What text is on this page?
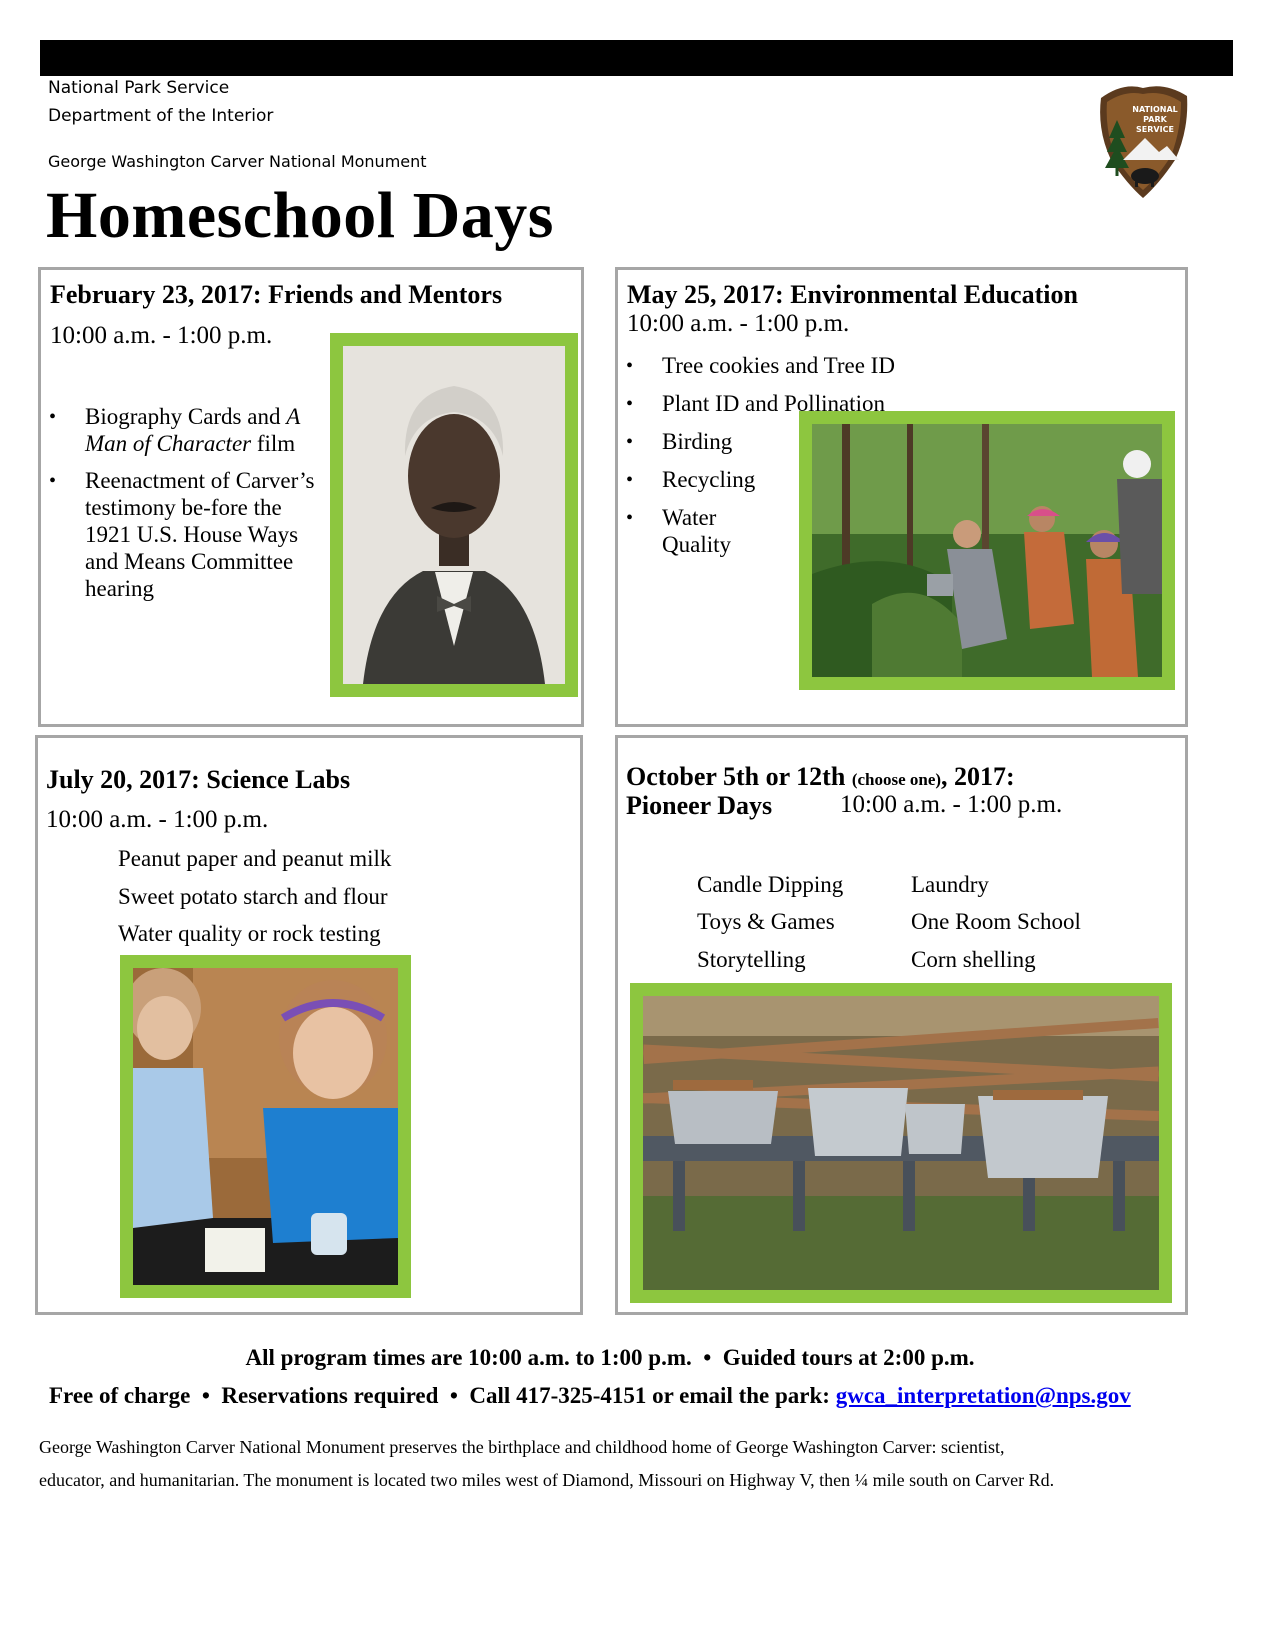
National Park Service
Department of the Interior
George Washington Carver National Monument
Homeschool Days
NATIONAL
PARK
SERVICE
February 23, 2017: Friends and Mentors
10:00 a.m. - 1:00 p.m.
• Biography Cards and A Man of Character film
• Reenactment of Carver’s testimony be-fore the 1921 U.S. House Ways and Means Committee hearing
May 25, 2017: Environmental Education
10:00 a.m. - 1:00 p.m.
• Tree cookies and Tree ID
• Plant ID and Pollination
• Birding
• Recycling
• Water Quality
July 20, 2017: Science Labs
10:00 a.m. - 1:00 p.m.
Peanut paper and peanut milk
Sweet potato starch and flour
Water quality or rock testing
October 5th or 12th (choose one), 2017:
Pioneer Days	10:00 a.m. - 1:00 p.m.
Candle Dipping
Toys & Games
Storytelling
Laundry
One Room School
Corn shelling
All program times are 10:00 a.m. to 1:00 p.m.  •  Guided tours at 2:00 p.m.
Free of charge  •  Reservations required  •  Call 417-325-4151 or email the park: gwca_interpretation@nps.gov
George Washington Carver National Monument preserves the birthplace and childhood home of George Washington Carver: scientist,
educator, and humanitarian. The monument is located two miles west of Diamond, Missouri on Highway V, then ¼ mile south on Carver Rd.
